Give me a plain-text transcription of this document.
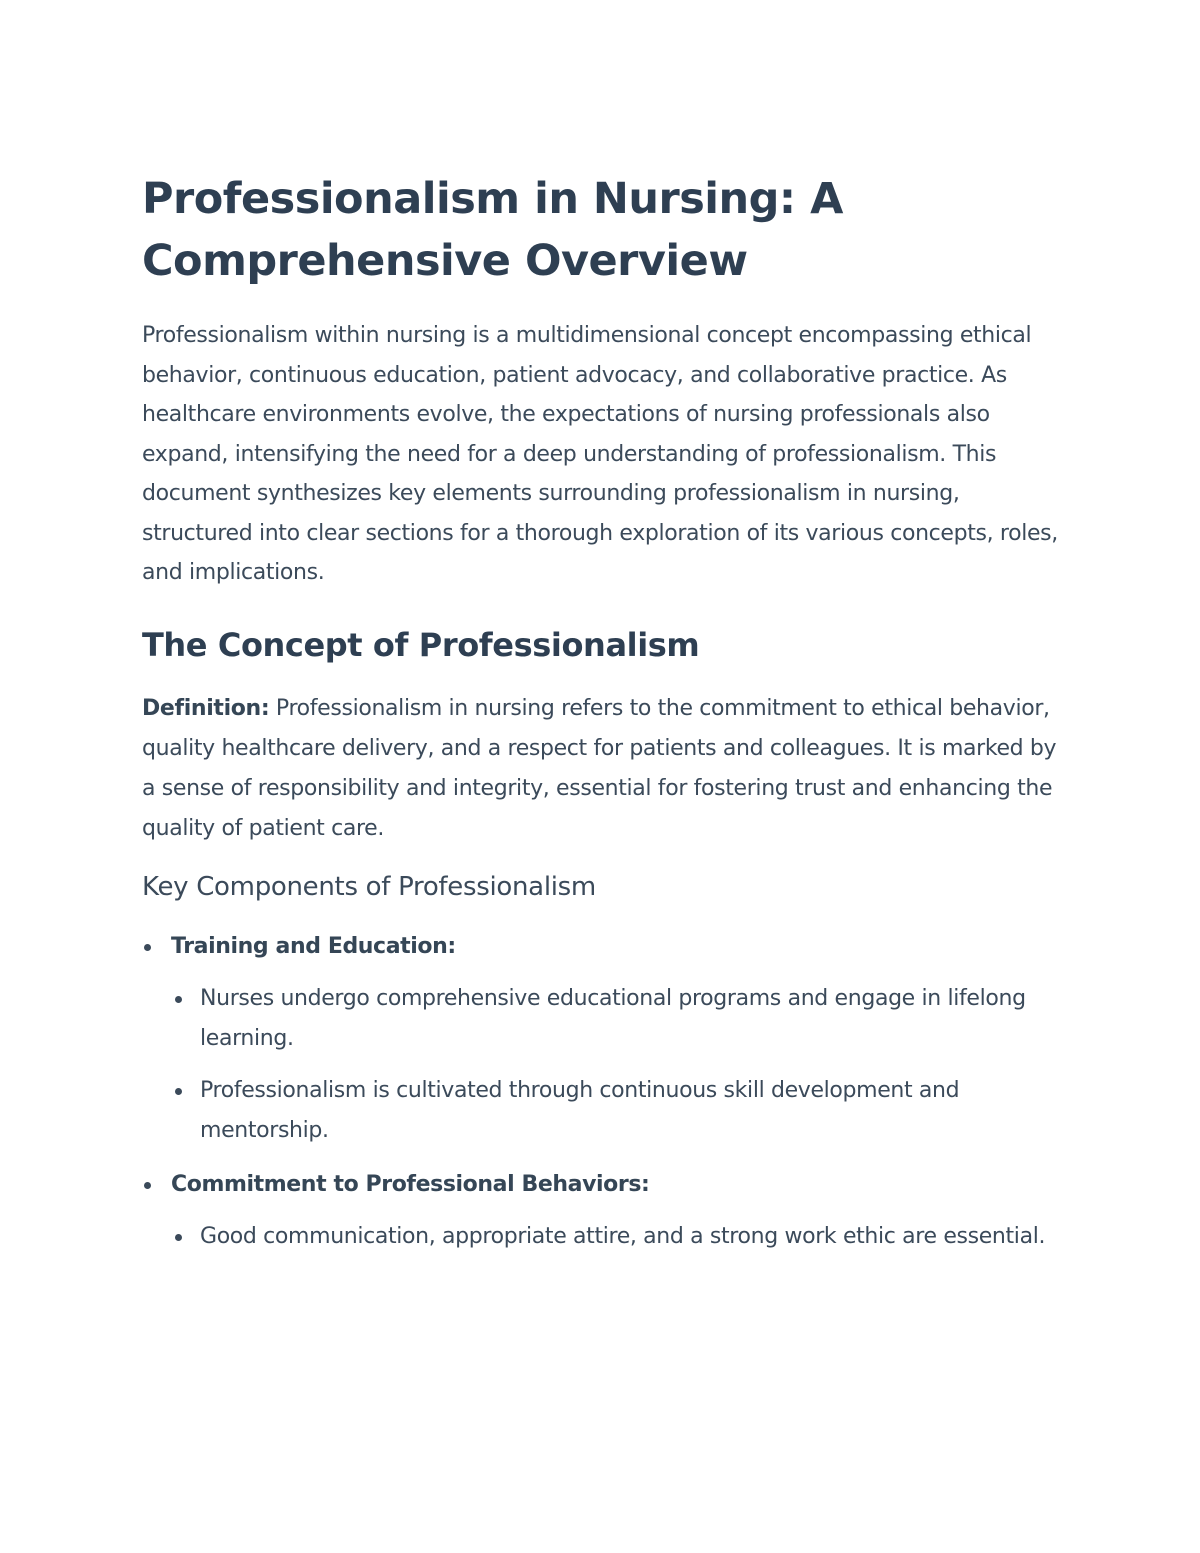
Professionalism in Nursing: A Comprehensive Overview

Professionalism within nursing is a multidimensional concept encompassing ethical behavior, continuous education, patient advocacy, and collaborative practice. As healthcare environments evolve, the expectations of nursing professionals also expand, intensifying the need for a deep understanding of professionalism. This document synthesizes key elements surrounding professionalism in nursing, structured into clear sections for a thorough exploration of its various concepts, roles, and implications.

The Concept of Professionalism

Definition: Professionalism in nursing refers to the commitment to ethical behavior, quality healthcare delivery, and a respect for patients and colleagues. It is marked by a sense of responsibility and integrity, essential for fostering trust and enhancing the quality of patient care.

Key Components of Professionalism
Training and Education:
Nurses undergo comprehensive educational programs and engage in lifelong learning.
Professionalism is cultivated through continuous skill development and mentorship.
Commitment to Professional Behaviors:
Good communication, appropriate attire, and a strong work ethic are essential.
